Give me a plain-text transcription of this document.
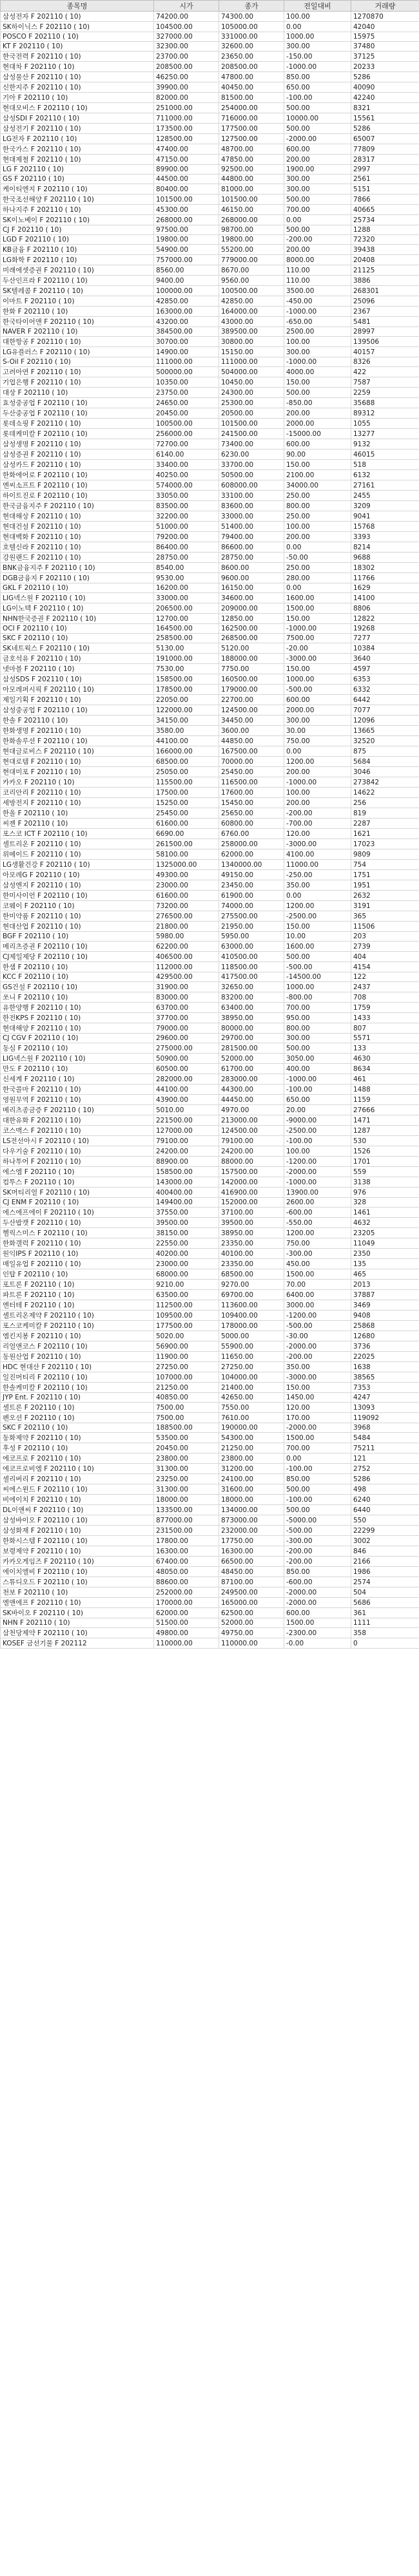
종목명	시가	종가	전일대비	거래량
삼성전자 F 202110 ( 10)	74200.00	74300.00	100.00	1270870
SK하이닉스 F 202110 ( 10)	104500.00	105000.00	0.00	42040
POSCO F 202110 ( 10)	327000.00	331000.00	1000.00	15975
KT F 202110 ( 10)	32300.00	32600.00	300.00	37480
한국전력 F 202110 ( 10)	23700.00	23650.00	-150.00	37125
현대차 F 202110 ( 10)	208500.00	208500.00	-1000.00	20233
삼성물산 F 202110 ( 10)	46250.00	47800.00	850.00	5286
신한지주 F 202110 ( 10)	39900.00	40450.00	650.00	40090
기아 F 202110 ( 10)	82000.00	81500.00	-100.00	42240
현대모비스 F 202110 ( 10)	251000.00	254000.00	500.00	8321
삼성SDI F 202110 ( 10)	711000.00	716000.00	10000.00	15561
삼성전기 F 202110 ( 10)	173500.00	177500.00	500.00	5286
LG전자 F 202110 ( 10)	128500.00	127500.00	-2000.00	65007
한국가스 F 202110 ( 10)	47400.00	48700.00	600.00	77809
현대제철 F 202110 ( 10)	47150.00	47850.00	200.00	28317
LG F 202110 ( 10)	89900.00	92500.00	1900.00	2997
GS F 202110 ( 10)	44500.00	44800.00	300.00	2561
케이티엔지 F 202110 ( 10)	80400.00	81000.00	300.00	5151
한국조선해양 F 202110 ( 10)	101500.00	101500.00	500.00	7866
하나지주 F 202110 ( 10)	45300.00	46150.00	700.00	40665
SK이노베이 F 202110 ( 10)	268000.00	268000.00	0.00	25734
CJ F 202110 ( 10)	97500.00	98700.00	500.00	1288
LGD F 202110 ( 10)	19800.00	19800.00	-200.00	72320
KB금융 F 202110 ( 10)	54900.00	55200.00	200.00	39438
LG화학 F 202110 ( 10)	757000.00	779000.00	8000.00	20408
미래에셋증권 F 202110 ( 10)	8560.00	8670.00	110.00	21125
두산인프라 F 202110 ( 10)	9400.00	9560.00	110.00	3886
SK텔레콤 F 202110 ( 10)	100000.00	100500.00	3500.00	268301
이마트 F 202110 ( 10)	42850.00	42850.00	-450.00	25096
한화 F 202110 ( 10)	163000.00	164000.00	-1000.00	2367
한국타이어앤 F 202110 ( 10)	43200.00	43000.00	-650.00	5481
NAVER F 202110 ( 10)	384500.00	389500.00	2500.00	28997
대한항공 F 202110 ( 10)	30700.00	30800.00	100.00	139506
LG유플러스 F 202110 ( 10)	14900.00	15150.00	300.00	40157
S-Oil F 202110 ( 10)	111000.00	111000.00	-1000.00	8326
고려아연 F 202110 ( 10)	500000.00	504000.00	4000.00	422
기업은행 F 202110 ( 10)	10350.00	10450.00	150.00	7587
대상 F 202110 ( 10)	23750.00	24300.00	500.00	2259
효성중공업 F 202110 ( 10)	24650.00	25300.00	-850.00	35688
두산중공업 F 202110 ( 10)	20450.00	20500.00	200.00	89312
롯데쇼핑 F 202110 ( 10)	100500.00	101500.00	2000.00	1055
롯데케미칼 F 202110 ( 10)	256000.00	241500.00	-15000.00	13277
삼성생명 F 202110 ( 10)	72700.00	73400.00	600.00	9132
삼성증권 F 202110 ( 10)	6140.00	6230.00	90.00	46015
삼성카드 F 202110 ( 10)	33400.00	33700.00	150.00	518
한화에어로 F 202110 ( 10)	40250.00	50500.00	2100.00	6132
엔씨소프트 F 202110 ( 10)	574000.00	608000.00	34000.00	27161
하이트진로 F 202110 ( 10)	33050.00	33100.00	250.00	2455
한국금융지주 F 202110 ( 10)	83500.00	83600.00	800.00	3209
현대해상 F 202110 ( 10)	32200.00	33000.00	250.00	9041
현대건설 F 202110 ( 10)	51000.00	51400.00	100.00	15768
현대백화 F 202110 ( 10)	79200.00	79400.00	200.00	3393
호텔신라 F 202110 ( 10)	86400.00	86600.00	0.00	8214
강원랜드 F 202110 ( 10)	28750.00	28750.00	-50.00	9688
BNK금융지주 F 202110 ( 10)	8540.00	8600.00	250.00	18302
DGB금융지 F 202110 ( 10)	9530.00	9600.00	280.00	11766
GKL F 202110 ( 10)	16200.00	16150.00	0.00	1629
LIG넥스원 F 202110 ( 10)	33000.00	34600.00	1600.00	14100
LG이노텍 F 202110 ( 10)	206500.00	209000.00	1500.00	8806
NHN한국증권 F 202110 ( 10)	12700.00	12850.00	150.00	12822
OCI F 202110 ( 10)	164500.00	162500.00	-1000.00	19268
SKC F 202110 ( 10)	258500.00	268500.00	7500.00	7277
SK네트웍스 F 202110 ( 10)	5130.00	5120.00	-20.00	10384
금호석유 F 202110 ( 10)	191000.00	188000.00	-3000.00	3640
넷마블 F 202110 ( 10)	7530.00	7750.00	150.00	4597
삼성SDS F 202110 ( 10)	158500.00	160500.00	1000.00	6353
아모레퍼시픽 F 202110 ( 10)	178500.00	179000.00	-500.00	6332
제일기획 F 202110 ( 10)	22050.00	22700.00	600.00	6442
삼성중공업 F 202110 ( 10)	122000.00	124500.00	2000.00	7077
한솔 F 202110 ( 10)	34150.00	34450.00	300.00	12096
한화생명 F 202110 ( 10)	3580.00	3600.00	30.00	13665
한화솔루션 F 202110 ( 10)	44100.00	44850.00	750.00	32520
현대글로비스 F 202110 ( 10)	166000.00	167500.00	0.00	875
현대로템 F 202110 ( 10)	68500.00	70000.00	1200.00	5684
현대미포 F 202110 ( 10)	25050.00	25450.00	200.00	3046
카카오 F 202110 ( 10)	115500.00	116500.00	-1000.00	273842
코리안리 F 202110 ( 10)	17500.00	17600.00	100.00	14622
세방전지 F 202110 ( 10)	15250.00	15450.00	200.00	256
한올 F 202110 ( 10)	25450.00	25650.00	-200.00	819
씨젠 F 202110 ( 10)	61600.00	60800.00	-700.00	2287
포스코 ICT F 202110 ( 10)	6690.00	6760.00	120.00	1621
셀트리온 F 202110 ( 10)	261500.00	258000.00	-3000.00	17023
위메이드 F 202110 ( 10)	58100.00	62000.00	4100.00	9809
LG생활건강 F 202110 ( 10)	1325000.00	1340000.00	11000.00	754
아모레G F 202110 ( 10)	49300.00	49150.00	-250.00	1751
삼성엔지 F 202110 ( 10)	23000.00	23450.00	350.00	1951
한미사이언 F 202110 ( 10)	61600.00	61900.00	0.00	2632
코웨이 F 202110 ( 10)	73200.00	74000.00	1200.00	3191
한미약품 F 202110 ( 10)	276500.00	275500.00	-2500.00	365
현대산업 F 202110 ( 10)	21800.00	21950.00	150.00	11506
BGF F 202110 ( 10)	5980.00	5950.00	10.00	203
메리츠증권 F 202110 ( 10)	62200.00	63000.00	1600.00	2739
CJ제일제당 F 202110 ( 10)	406500.00	410500.00	500.00	404
한샘 F 202110 ( 10)	112000.00	118500.00	-500.00	4154
KCC F 202110 ( 10)	429500.00	417500.00	-14500.00	122
GS건설 F 202110 ( 10)	31900.00	32650.00	1000.00	2437
쏘니 F 202110 ( 10)	83000.00	83200.00	-800.00	708
유한양행 F 202110 ( 10)	63700.00	63400.00	700.00	1759
한전KPS F 202110 ( 10)	37700.00	38950.00	950.00	1433
현대해양 F 202110 ( 10)	79000.00	80000.00	800.00	807
CJ CGV F 202110 ( 10)	29600.00	29700.00	300.00	5571
동심 F 202110 ( 10)	275000.00	281500.00	500.00	133
LIG넥스원 F 202110 ( 10)	50900.00	52000.00	3050.00	4630
만도 F 202110 ( 10)	60500.00	61700.00	400.00	8634
신세계 F 202110 ( 10)	282000.00	283000.00	-1000.00	461
한국콜마 F 202110 ( 10)	44100.00	44300.00	-100.00	1488
영원무역 F 202110 ( 10)	43900.00	44450.00	650.00	1159
메리츠종금증 F 202110 ( 10)	5010.00	4970.00	20.00	27666
대한유화 F 202110 ( 10)	221500.00	213000.00	-9000.00	1471
코스맥스 F 202110 ( 10)	127000.00	124500.00	-2500.00	1287
LS전선아시 F 202110 ( 10)	79100.00	79100.00	-100.00	530
다우기술 F 202110 ( 10)	24200.00	24200.00	100.00	1526
하나투어 F 202110 ( 10)	88900.00	88000.00	-1200.00	1701
에스엠 F 202110 ( 10)	158500.00	157500.00	-2000.00	559
컴투스 F 202110 ( 10)	143000.00	142000.00	-1000.00	3138
SK머티리얼 F 202110 ( 10)	400400.00	416900.00	13900.00	976
CJ ENM F 202110 ( 10)	149400.00	152000.00	2600.00	328
에스에프에이 F 202110 ( 10)	37550.00	37100.00	-600.00	1461
두산밥캣 F 202110 ( 10)	39500.00	39500.00	-550.00	4632
헬릭스미스 F 202110 ( 10)	38150.00	38950.00	1200.00	23205
한화갤럭 F 202110 ( 10)	22550.00	23350.00	750.00	11049
원익IPS F 202110 ( 10)	40200.00	40100.00	-300.00	2350
매일유업 F 202110 ( 10)	23000.00	23350.00	450.00	135
인탑 F 202110 ( 10)	68000.00	68500.00	1500.00	465
포트론 F 202110 ( 10)	9210.00	9270.00	70.00	2013
파트론 F 202110 ( 10)	63500.00	69700.00	6400.00	37887
엔터테 F 202110 ( 10)	112500.00	113600.00	3000.00	3469
셀트리온제약 F 202110 ( 10)	109500.00	109400.00	-1200.00	9408
포스코케미칼 F 202110 ( 10)	177500.00	178000.00	-500.00	25868
엠킨지봉 F 202110 ( 10)	5020.00	5000.00	-30.00	12680
리얼앤코스 F 202110 ( 10)	56900.00	55900.00	-2000.00	3736
동원산업 F 202110 ( 10)	11900.00	11650.00	-200.00	22025
HDC 현대산 F 202110 ( 10)	27250.00	27250.00	350.00	1638
일진머티리 F 202110 ( 10)	107000.00	104000.00	-3000.00	38565
한솔케미칼 F 202110 ( 10)	21250.00	21400.00	150.00	7353
JYP Ent. F 202110 ( 10)	40850.00	42650.00	1450.00	4247
셀트론 F 202110 ( 10)	7500.00	7550.00	120.00	13093
펜오션 F 202110 ( 10)	7500.00	7610.00	170.00	119092
SKC F 202110 ( 10)	188500.00	190000.00	-2000.00	3968
동화제약 F 202110 ( 10)	53500.00	54300.00	1500.00	5484
후성 F 202110 ( 10)	20450.00	21250.00	700.00	75211
에코프로 F 202110 ( 10)	23800.00	23800.00	0.00	121
에코프로비엠 F 202110 ( 10)	31300.00	31200.00	-100.00	2752
셀리버리 F 202110 ( 10)	23250.00	24100.00	850.00	5286
씨에스윈드 F 202110 ( 10)	31300.00	31600.00	500.00	498
비에이치 F 202110 ( 10)	18000.00	18000.00	-100.00	6240
DL이앤씨 F 202110 ( 10)	133500.00	134000.00	500.00	6440
삼성바이오 F 202110 ( 10)	877000.00	873000.00	-5000.00	550
삼성화재 F 202110 ( 10)	231500.00	232000.00	-500.00	22299
한화시스템 F 202110 ( 10)	17800.00	17750.00	-300.00	3002
보령제약 F 202110 ( 10)	16300.00	16300.00	-200.00	846
카카오게임즈 F 202110 ( 10)	67400.00	66500.00	-200.00	2166
에이치엘비 F 202110 ( 10)	48050.00	48450.00	850.00	1986
스튜디오드 F 202110 ( 10)	88600.00	87100.00	-600.00	2574
천보 F 202110 ( 10)	252000.00	249500.00	-2000.00	504
엘앤에프 F 202110 ( 10)	170000.00	165000.00	-2000.00	5686
SK바이오 F 202110 ( 10)	62000.00	62500.00	600.00	361
NHN F 202110 ( 10)	51500.00	52000.00	1500.00	1111
삼천당제약 F 202110 ( 10)	49800.00	49750.00	-2300.00	358
KOSEF 금선기물 F 202112	110000.00	110000.00	-0.00	0
